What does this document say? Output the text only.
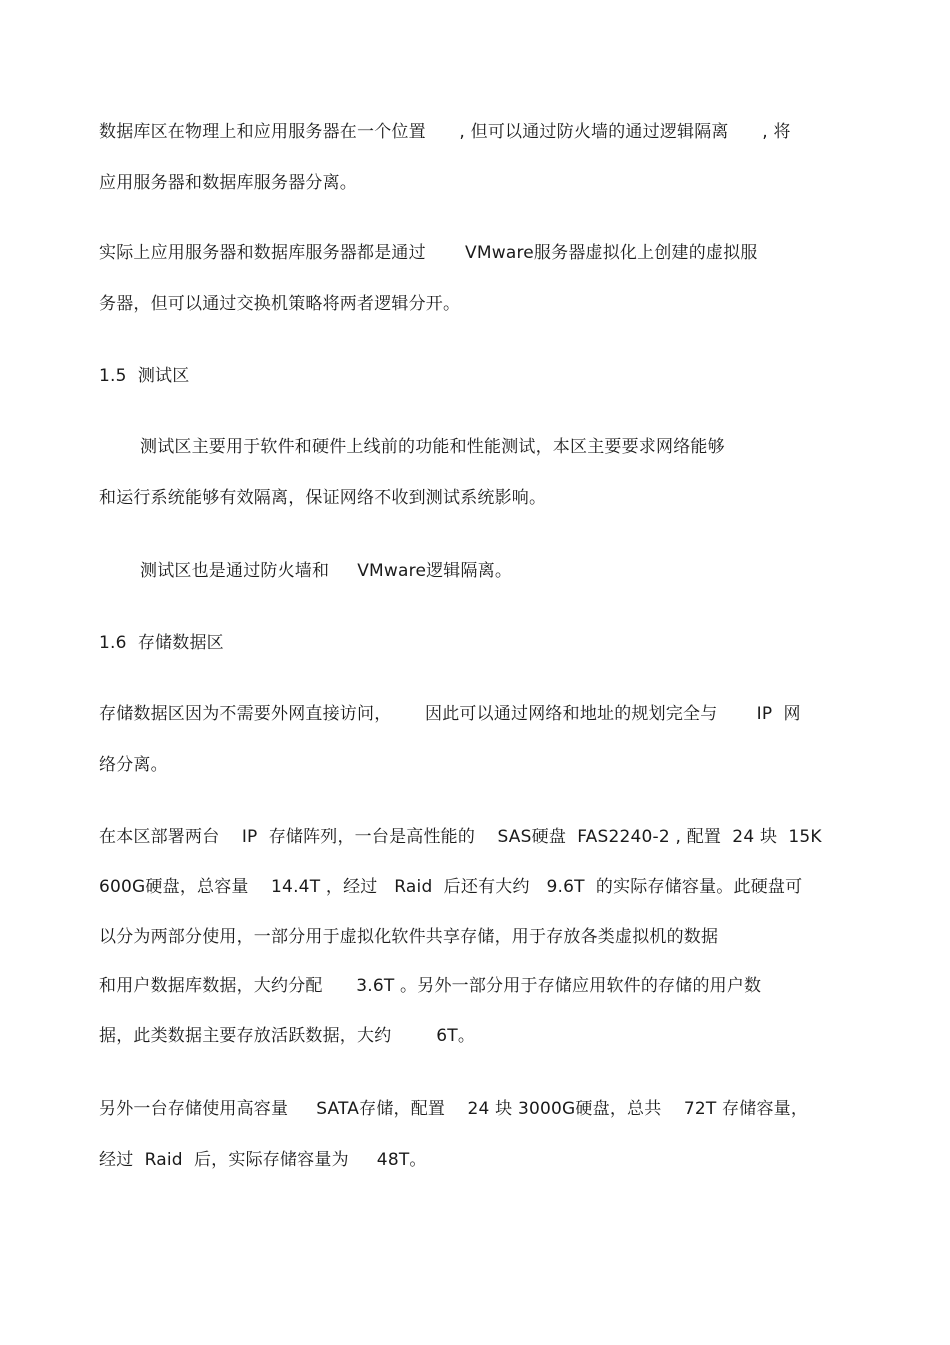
数据库区在物理上和应用服务器在一个位置      , 但可以通过防火墙的通过逻辑隔离      , 将
应用服务器和数据库服务器分离。
实际上应用服务器和数据库服务器都是通过       VMware服务器虚拟化上创建的虚拟服
务器，但可以通过交换机策略将两者逻辑分开。
1.5  测试区
测试区主要用于软件和硬件上线前的功能和性能测试，本区主要要求网络能够
和运行系统能够有效隔离，保证网络不收到测试系统影响。
测试区也是通过防火墙和     VMware逻辑隔离。
1.6  存储数据区
存储数据区因为不需要外网直接访问，      因此可以通过网络和地址的规划完全与       IP  网
络分离。
在本区部署两台    IP  存储阵列，一台是高性能的    SAS硬盘  FAS2240-2 , 配置  24 块  15K
600G硬盘，总容量    14.4T ，经过   Raid  后还有大约   9.6T  的实际存储容量。此硬盘可
以分为两部分使用，一部分用于虚拟化软件共享存储，用于存放各类虚拟机的数据
和用户数据库数据，大约分配      3.6T 。另外一部分用于存储应用软件的存储的用户数
据，此类数据主要存放活跃数据，大约        6T。
另外一台存储使用高容量     SATA存储，配置    24 块 3000G硬盘，总共    72T 存储容量，
经过  Raid  后，实际存储容量为     48T。
